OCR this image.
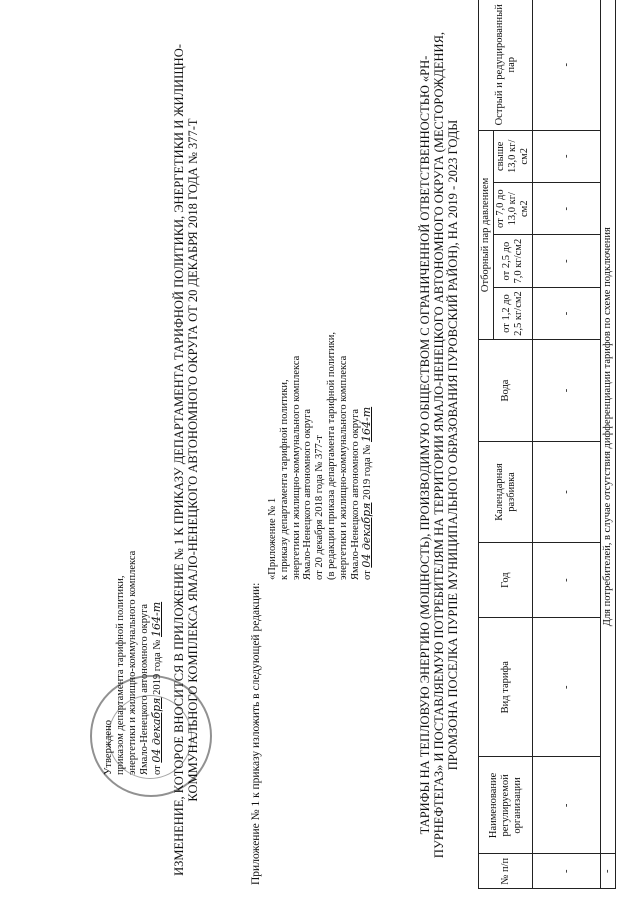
Утверждено приказом департамента тарифной политики, энергетики и жилищно-коммунального комплекса Ямало-Ненецкого автономного округа от 04 декабря 2019 года № 164-т ИЗМЕНЕНИЕ, КОТОРОЕ ВНОСИТСЯ В ПРИЛОЖЕНИЕ № 1 К ПРИКАЗУ ДЕПАРТАМЕНТА ТАРИФНОЙ ПОЛИТИКИ, ЭНЕРГЕТИКИ И ЖИЛИЩНО-КОММУНАЛЬНОГО КОМПЛЕКСА ЯМАЛО-НЕНЕЦКОГО АВТОНОМНОГО ОКРУГА ОТ 20 ДЕКАБРЯ 2018 ГОДА № 377-Т	Приложение № 1 к приказу изложить в следующей редакции:
«Приложение № 1 к приказу департамента тарифной политики, энергетики и жилищно-коммунального комплекса Ямало-Ненецкого автономного округа от 20 декабря 2018 года № 377-т (в редакции приказа департамента тарифной политики, энергетики и жилищно-коммунального комплекса Ямало-Ненецкого автономного округа от 04 декабря 2019 года № 164-т	ТАРИФЫ НА ТЕПЛОВУЮ ЭНЕРГИЮ (МОЩНОСТЬ), ПРОИЗВОДИМУЮ ОБЩЕСТВОМ С ОГРАНИЧЕННОЙ ОТВЕТСТВЕННОСТЬЮ «РН-ПУРНЕФТЕГАЗ» И ПОСТАВЛЯЕМУЮ ПОТРЕБИТЕЛЯМ НА ТЕРРИТОРИИ ЯМАЛО-НЕНЕЦКОГО АВТОНОМНОГО ОКРУГА (МЕСТОРОЖДЕНИЯ, ПРОМЗОНА ПОСЕЛКА ПУРПЕ МУНИЦИПАЛЬНОГО ОБРАЗОВАНИЯ ПУРОВСКИЙ РАЙОН), НА 2019 - 2023 ГОДЫ
№ п/п	Наименование регулируемой организации	Вид тарифа	Год	Календарная разбивка	Вода	Отборный пар давлением				Острый и редуцированный пар
						от 1,2 до 2,5 кг/см2	от 2,5 до 7,0 кг/см2	от 7,0 до 13,0 кг/см2	свыше 13,0 кг/см2	
-	-	-	-	-	-	-	-	-	-	-
-	Для потребителей, в случае отсутствия дифференциации тарифов по схеме подключения									
